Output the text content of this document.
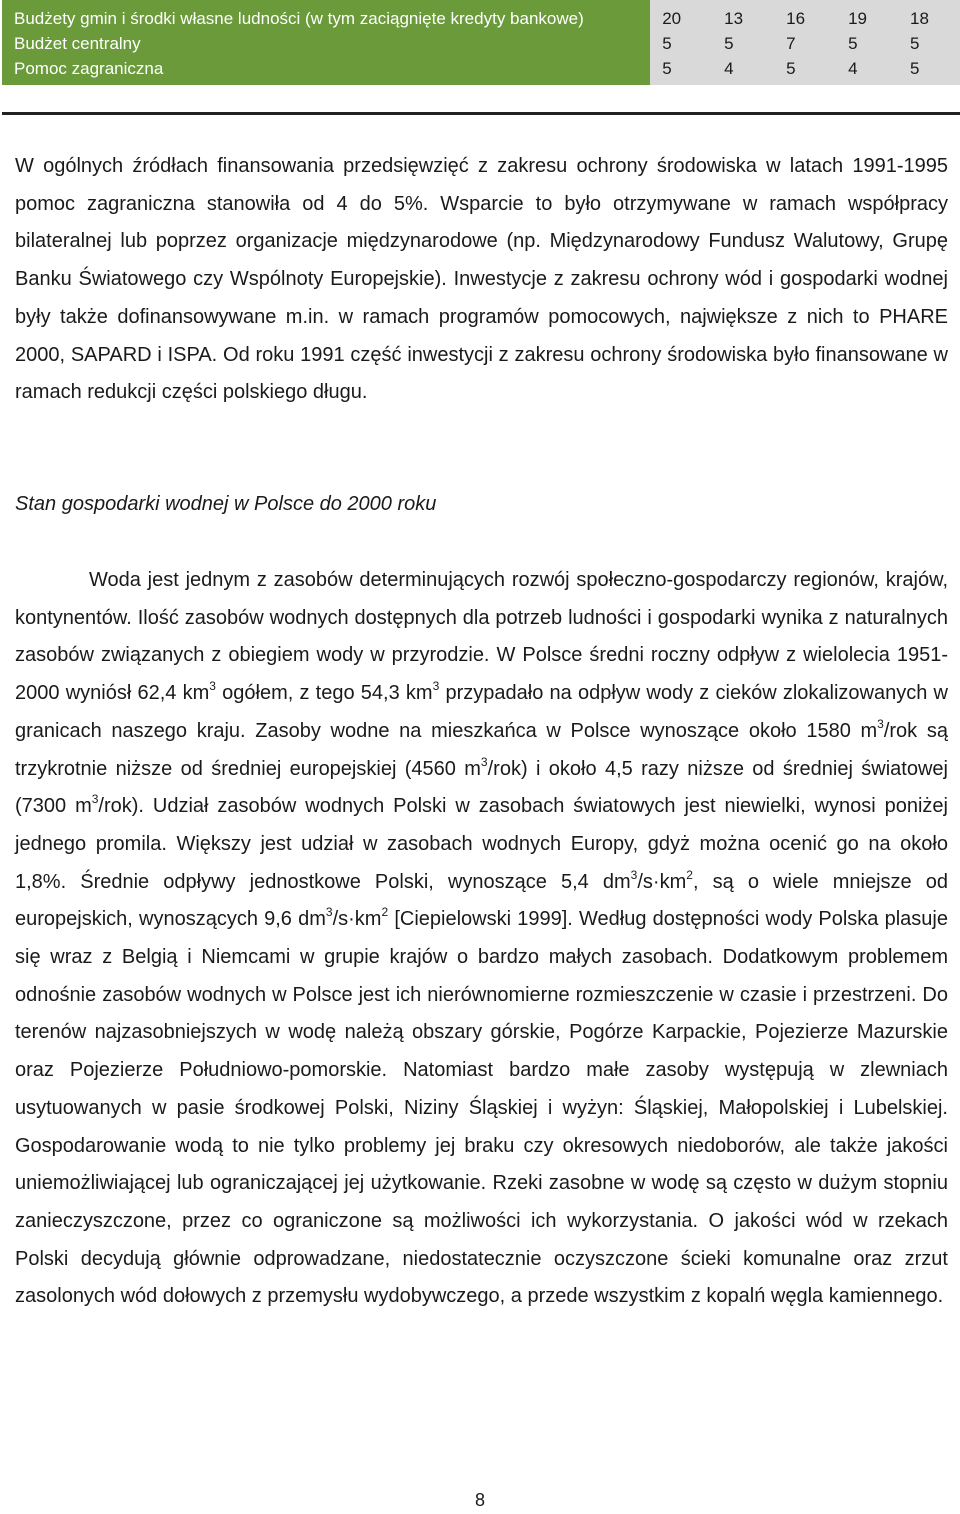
Budżety gmin i środki własne ludności (w tym zaciągnięte kredyty bankowe)	20	13	16	19	18
Budżet centralny	5	5	7	5	5
Pomoc zagraniczna	5	4	5	4	5

W ogólnych źródłach finansowania przedsięwzięć z zakresu ochrony środowiska w latach 1991-1995 pomoc zagraniczna stanowiła od 4 do 5%. Wsparcie to było otrzymywane w ramach współpracy bilateralnej lub poprzez organizacje międzynarodowe (np. Międzynarodowy Fundusz Walutowy, Grupę Banku Światowego czy Wspólnoty Europejskie). Inwestycje z zakresu ochrony wód i gospodarki wodnej były także dofinansowywane m.in. w ramach programów pomocowych, największe z nich to PHARE 2000, SAPARD i ISPA. Od roku 1991 część inwestycji z zakresu ochrony środowiska było finansowane w ramach redukcji części polskiego długu.

Stan gospodarki wodnej w Polsce do 2000 roku

Woda jest jednym z zasobów determinujących rozwój społeczno-gospodarczy regionów, krajów, kontynentów. Ilość zasobów wodnych dostępnych dla potrzeb ludności i gospodarki wynika z naturalnych zasobów związanych z obiegiem wody w przyrodzie. W Polsce średni roczny odpływ z wielolecia 1951-2000 wyniósł 62,4 $km^3$ ogółem, z tego 54,3 $km^3$ przypadało na odpływ wody z cieków zlokalizowanych w granicach naszego kraju. Zasoby wodne na mieszkańca w Polsce wynoszące około 1580 $m^3$/rok są trzykrotnie niższe od średniej europejskiej (4560 $m^3/rok$) i około 4,5 razy niższe od średniej światowej (7300 $m^3/rok$). Udział zasobów wodnych Polski w zasobach światowych jest niewielki, wynosi poniżej jednego promila. Większy jest udział w zasobach wodnych Europy, gdyż można ocenić go na około 1,8%. Średnie odpływy jednostkowe Polski, wynoszące 5,4 $dm^3/s\cdot km^2$, są o wiele mniejsze od europejskich, wynoszących 9,6 $dm^3/s\cdot km^2$ [Ciepielowski 1999]. Według dostępności wody Polska plasuje się wraz z Belgią i Niemcami w grupie krajów o bardzo małych zasobach. Dodatkowym problemem odnośnie zasobów wodnych w Polsce jest ich nierównomierne rozmieszczenie w czasie i przestrzeni. Do terenów najzasobniejszych w wodę należą obszary górskie, Pogórze Karpackie, Pojezierze Mazurskie oraz Pojezierze Południowo-pomorskie. Natomiast bardzo małe zasoby występują w zlewniach usytuowanych w pasie środkowej Polski, Niziny Śląskiej i wyżyn: Śląskiej, Małopolskiej i Lubelskiej. Gospodarowanie wodą to nie tylko problemy jej braku czy okresowych niedoborów, ale także jakości uniemożliwiającej lub ograniczającej jej użytkowanie. Rzeki zasobne w wodę są często w dużym stopniu zanieczyszczone, przez co ograniczone są możliwości ich wykorzystania. O jakości wód w rzekach Polski decydują głównie odprowadzane, niedostatecznie oczyszczone ścieki komunalne oraz zrzut zasolonych wód dołowych z przemysłu wydobywczego, a przede wszystkim z kopalń węgla kamiennego.

8
